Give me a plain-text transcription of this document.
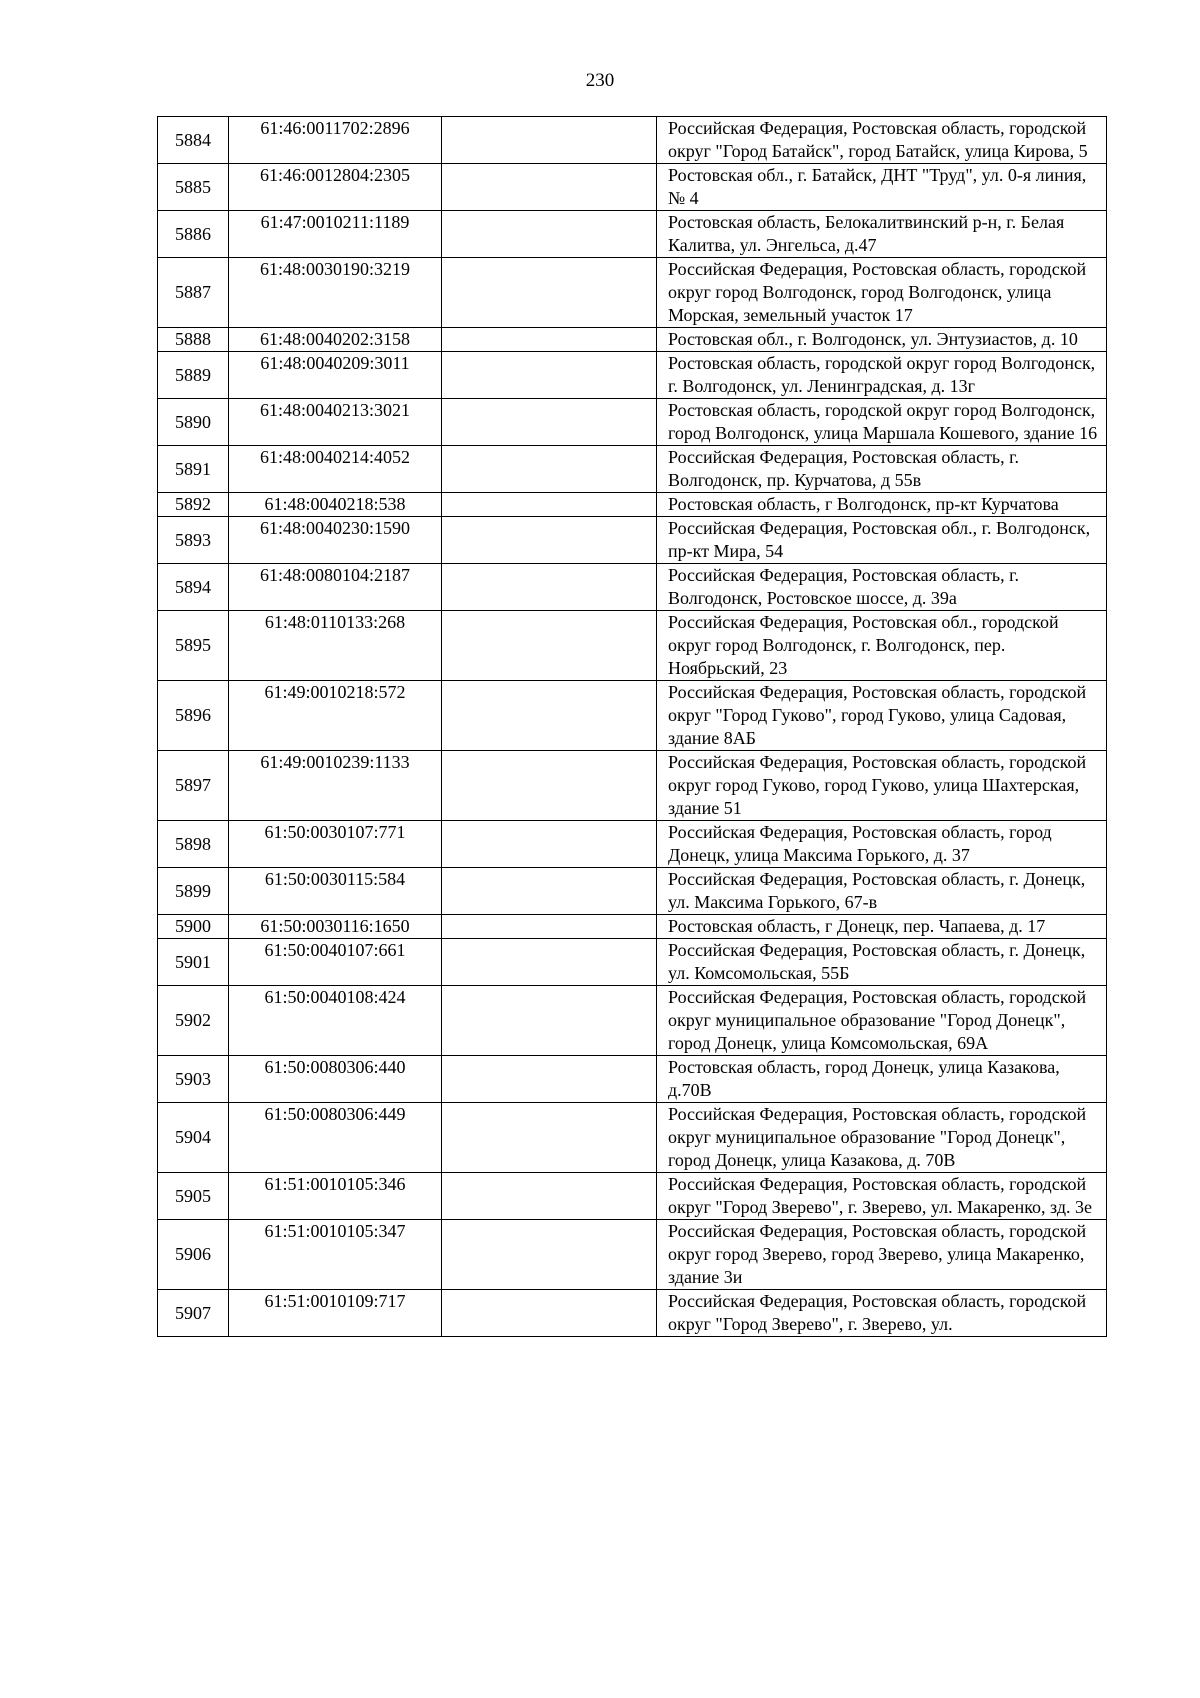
230
5884	61:46:0011702:2896		Российская Федерация, Ростовская область, городской округ "Город Батайск", город Батайск, улица Кирова, 5
5885	61:46:0012804:2305		Ростовская обл., г. Батайск, ДНТ "Труд", ул. 0-я линия, № 4
5886	61:47:0010211:1189		Ростовская область, Белокалитвинский р-н, г. Белая Калитва, ул. Энгельса, д.47
5887	61:48:0030190:3219		Российская Федерация, Ростовская область, городской округ город Волгодонск, город Волгодонск, улица Морская, земельный участок 17
5888	61:48:0040202:3158		Ростовская обл., г. Волгодонск, ул. Энтузиастов, д. 10
5889	61:48:0040209:3011		Ростовская область, городской округ город Волгодонск, г. Волгодонск, ул. Ленинградская, д. 13г
5890	61:48:0040213:3021		Ростовская область, городской округ город Волгодонск, город Волгодонск, улица Маршала Кошевого, здание 16
5891	61:48:0040214:4052		Российская Федерация, Ростовская область, г. Волгодонск, пр. Курчатова, д 55в
5892	61:48:0040218:538		Ростовская область, г Волгодонск, пр-кт Курчатова
5893	61:48:0040230:1590		Российская Федерация, Ростовская обл., г. Волгодонск, пр-кт Мира, 54
5894	61:48:0080104:2187		Российская Федерация, Ростовская область, г. Волгодонск, Ростовское шоссе, д. 39а
5895	61:48:0110133:268		Российская Федерация, Ростовская обл., городской округ город Волгодонск, г. Волгодонск, пер. Ноябрьский, 23
5896	61:49:0010218:572		Российская Федерация, Ростовская область, городской округ "Город Гуково", город Гуково, улица Садовая, здание 8АБ
5897	61:49:0010239:1133		Российская Федерация, Ростовская область, городской округ город Гуково, город Гуково, улица Шахтерская, здание 51
5898	61:50:0030107:771		Российская Федерация, Ростовская область, город Донецк, улица Максима Горького, д. 37
5899	61:50:0030115:584		Российская Федерация, Ростовская область, г. Донецк, ул. Максима Горького, 67-в
5900	61:50:0030116:1650		Ростовская область, г Донецк, пер. Чапаева, д. 17
5901	61:50:0040107:661		Российская Федерация, Ростовская область, г. Донецк, ул. Комсомольская, 55Б
5902	61:50:0040108:424		Российская Федерация, Ростовская область, городской округ муниципальное образование "Город Донецк", город Донецк, улица Комсомольская, 69А
5903	61:50:0080306:440		Ростовская область, город Донецк, улица Казакова, д.70В
5904	61:50:0080306:449		Российская Федерация, Ростовская область, городской округ муниципальное образование "Город Донецк", город Донецк, улица Казакова, д. 70В
5905	61:51:0010105:346		Российская Федерация, Ростовская область, городской округ "Город Зверево", г. Зверево, ул. Макаренко, зд. 3е
5906	61:51:0010105:347		Российская Федерация, Ростовская область, городской округ город Зверево, город Зверево, улица Макаренко, здание 3и
5907	61:51:0010109:717		Российская Федерация, Ростовская область, городской округ "Город Зверево", г. Зверево, ул.
